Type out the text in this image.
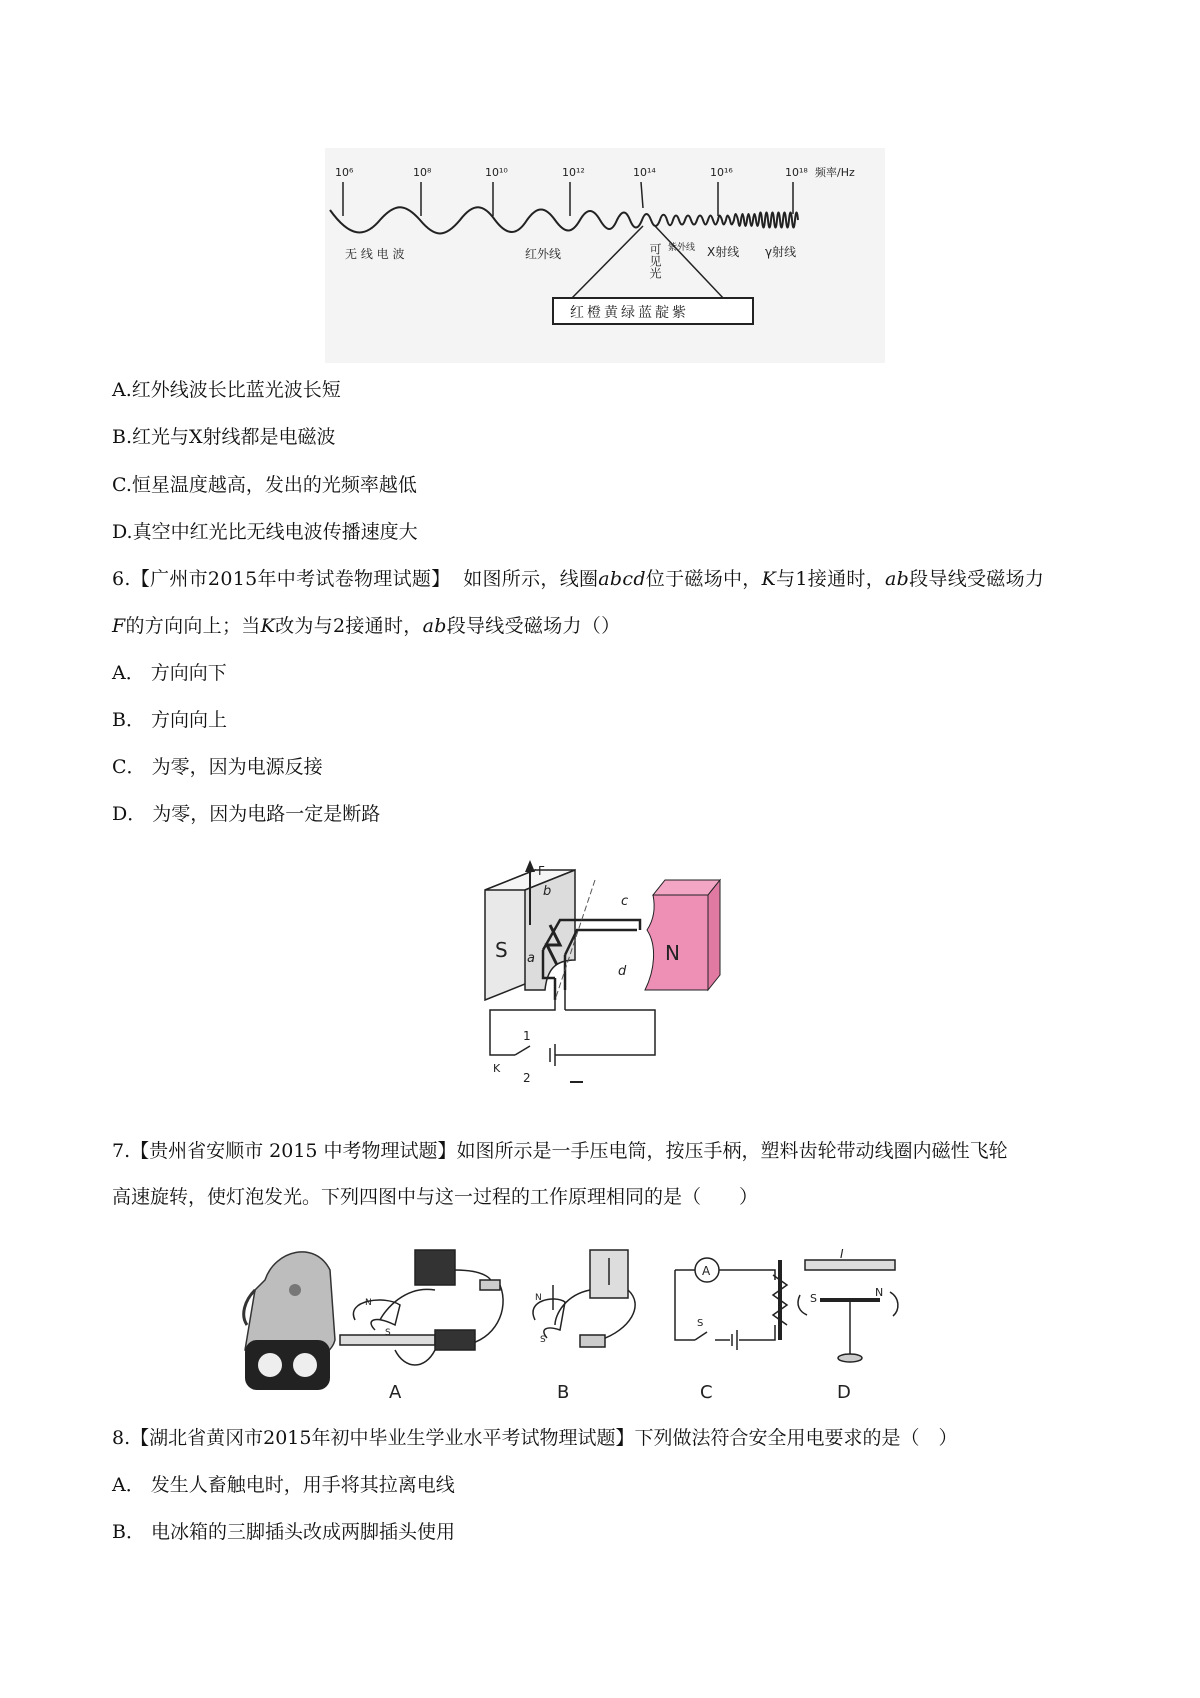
10⁶	10⁸	10¹⁰	10¹²	10¹⁴	10¹⁶	10¹⁸ 频率/Hz
无 线 电 波	红外线	紫外线 X射线 γ射线
可见光
红橙黄绿蓝靛紫
A.红外线波长比蓝光波长短
B.红光与X射线都是电磁波
C.恒星温度越高，发出的光频率越低
D.真空中红光比无线电波传播速度大
6.【广州市2015年中考试卷物理试题】 如图所示，线圈abcd位于磁场中，K与1接通时，ab段导线受磁场力
F的方向向上；当K改为与2接通时，ab段导线受磁场力（）
A． 方向向下
B． 方向向上
C． 为零，因为电源反接
D． 为零，因为电路一定是断路
S	N
F
a
b
c
d
1
K
2
7.【贵州省安顺市 2015 中考物理试题】如图所示是一手压电筒，按压手柄，塑料齿轮带动线圈内磁性飞轮
高速旋转，使灯泡发光。下列四图中与这一过程的工作原理相同的是（　　）
N
S
A
N
S
B
A
S
C
I
S	N
D
8.【湖北省黄冈市2015年初中毕业生学业水平考试物理试题】下列做法符合安全用电要求的是（　）
A． 发生人畜触电时，用手将其拉离电线
B． 电冰箱的三脚插头改成两脚插头使用
